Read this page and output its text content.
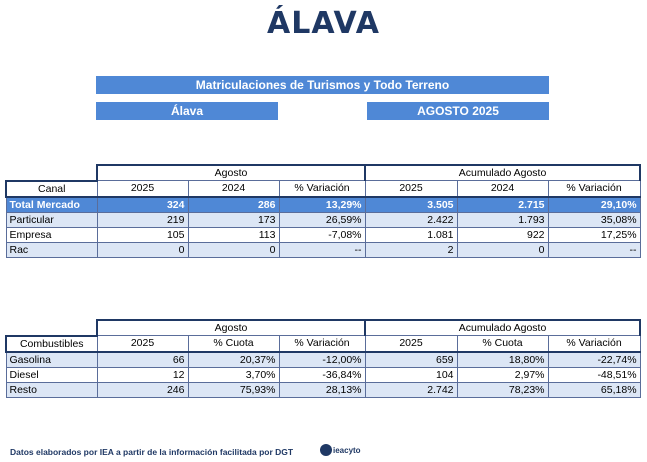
ÁLAVA
Matriculaciones de Turismos y Todo Terreno
Álava	AGOSTO 2025
	Agosto			Acumulado Agosto		
Canal	2025	2024	% Variación	2025	2024	% Variación
Total Mercado	324	286	13,29%	3.505	2.715	29,10%
Particular	219	173	26,59%	2.422	1.793	35,08%
Empresa	105	113	-7,08%	1.081	922	17,25%
Rac	0	0	--	2	0	--
	Agosto			Acumulado Agosto		
Combustibles	2025	% Cuota	% Variación	2025	% Cuota	% Variación
Gasolina	66	20,37%	-12,00%	659	18,80%	-22,74%
Diesel	12	3,70%	-36,84%	104	2,97%	-48,51%
Resto	246	75,93%	28,13%	2.742	78,23%	65,18%
Datos elaborados por IEA a partir de la información facilitada por DGT	ieacyto
